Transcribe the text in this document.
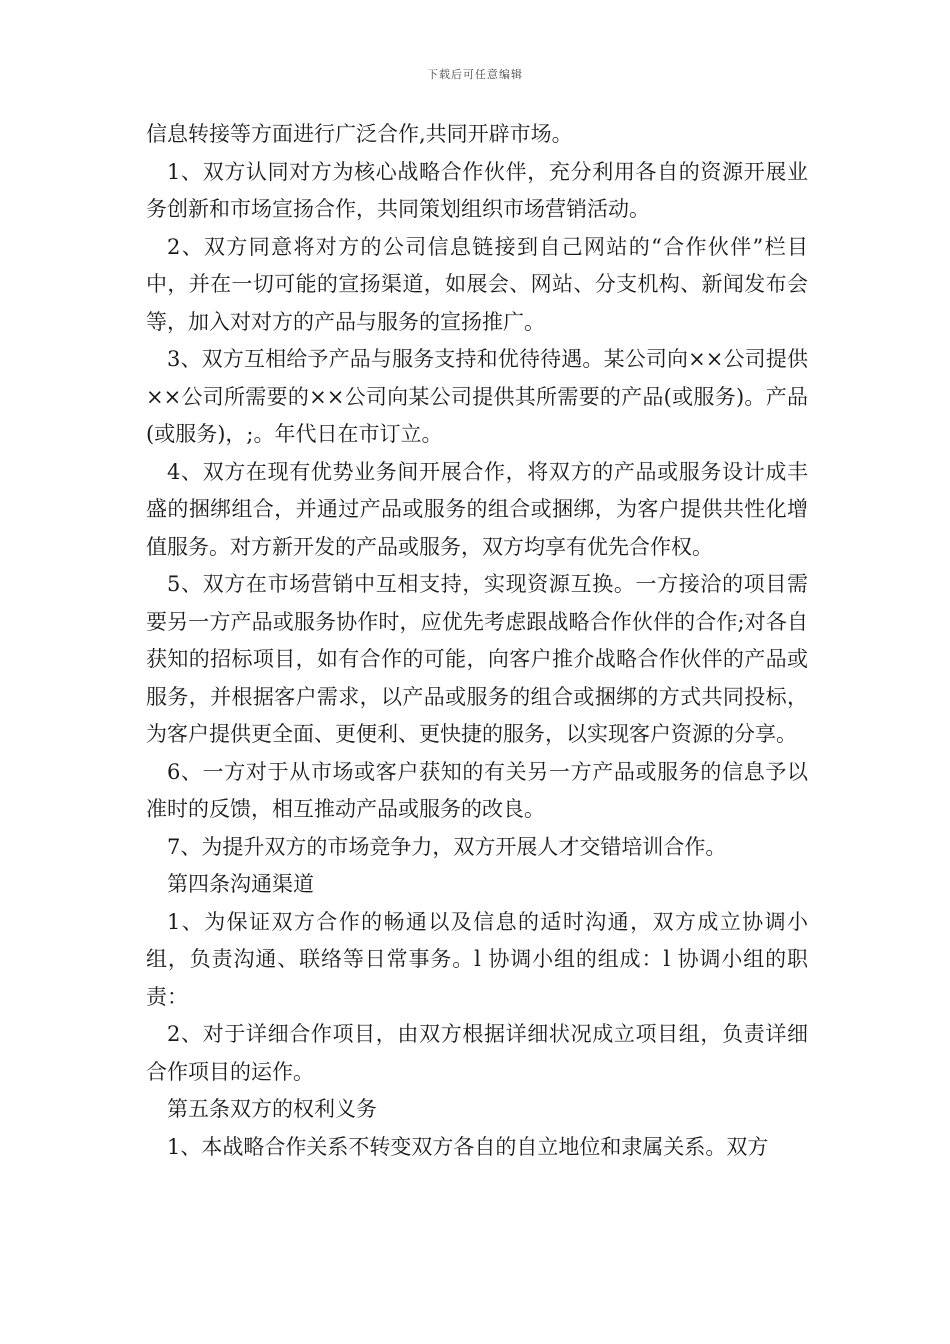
下载后可任意编辑

信息转接等方面进行广泛合作,共同开辟市场。

1、双方认同对方为核心战略合作伙伴，充分利用各自的资源开展业务创新和市场宣扬合作，共同策划组织市场营销活动。

2、双方同意将对方的公司信息链接到自己网站的“合作伙伴”栏目中，并在一切可能的宣扬渠道，如展会、网站、分支机构、新闻发布会等，加入对对方的产品与服务的宣扬推广。

3、双方互相给予产品与服务支持和优待待遇。某公司向××公司提供××公司所需要的××公司向某公司提供其所需要的产品(或服务)。产品(或服务)，;。年代日在市订立。

4、双方在现有优势业务间开展合作，将双方的产品或服务设计成丰盛的捆绑组合，并通过产品或服务的组合或捆绑，为客户提供共性化增值服务。对方新开发的产品或服务，双方均享有优先合作权。

5、双方在市场营销中互相支持，实现资源互换。一方接洽的项目需要另一方产品或服务协作时，应优先考虑跟战略合作伙伴的合作;对各自获知的招标项目，如有合作的可能，向客户推介战略合作伙伴的产品或服务，并根据客户需求，以产品或服务的组合或捆绑的方式共同投标，为客户提供更全面、更便利、更快捷的服务，以实现客户资源的分享。

6、一方对于从市场或客户获知的有关另一方产品或服务的信息予以准时的反馈，相互推动产品或服务的改良。

7、为提升双方的市场竞争力，双方开展人才交错培训合作。

第四条沟通渠道

1、为保证双方合作的畅通以及信息的适时沟通，双方成立协调小组，负责沟通、联络等日常事务。l 协调小组的组成：l 协调小组的职责：

2、对于详细合作项目，由双方根据详细状况成立项目组，负责详细合作项目的运作。

第五条双方的权利义务

1、本战略合作关系不转变双方各自的自立地位和隶属关系。双方
